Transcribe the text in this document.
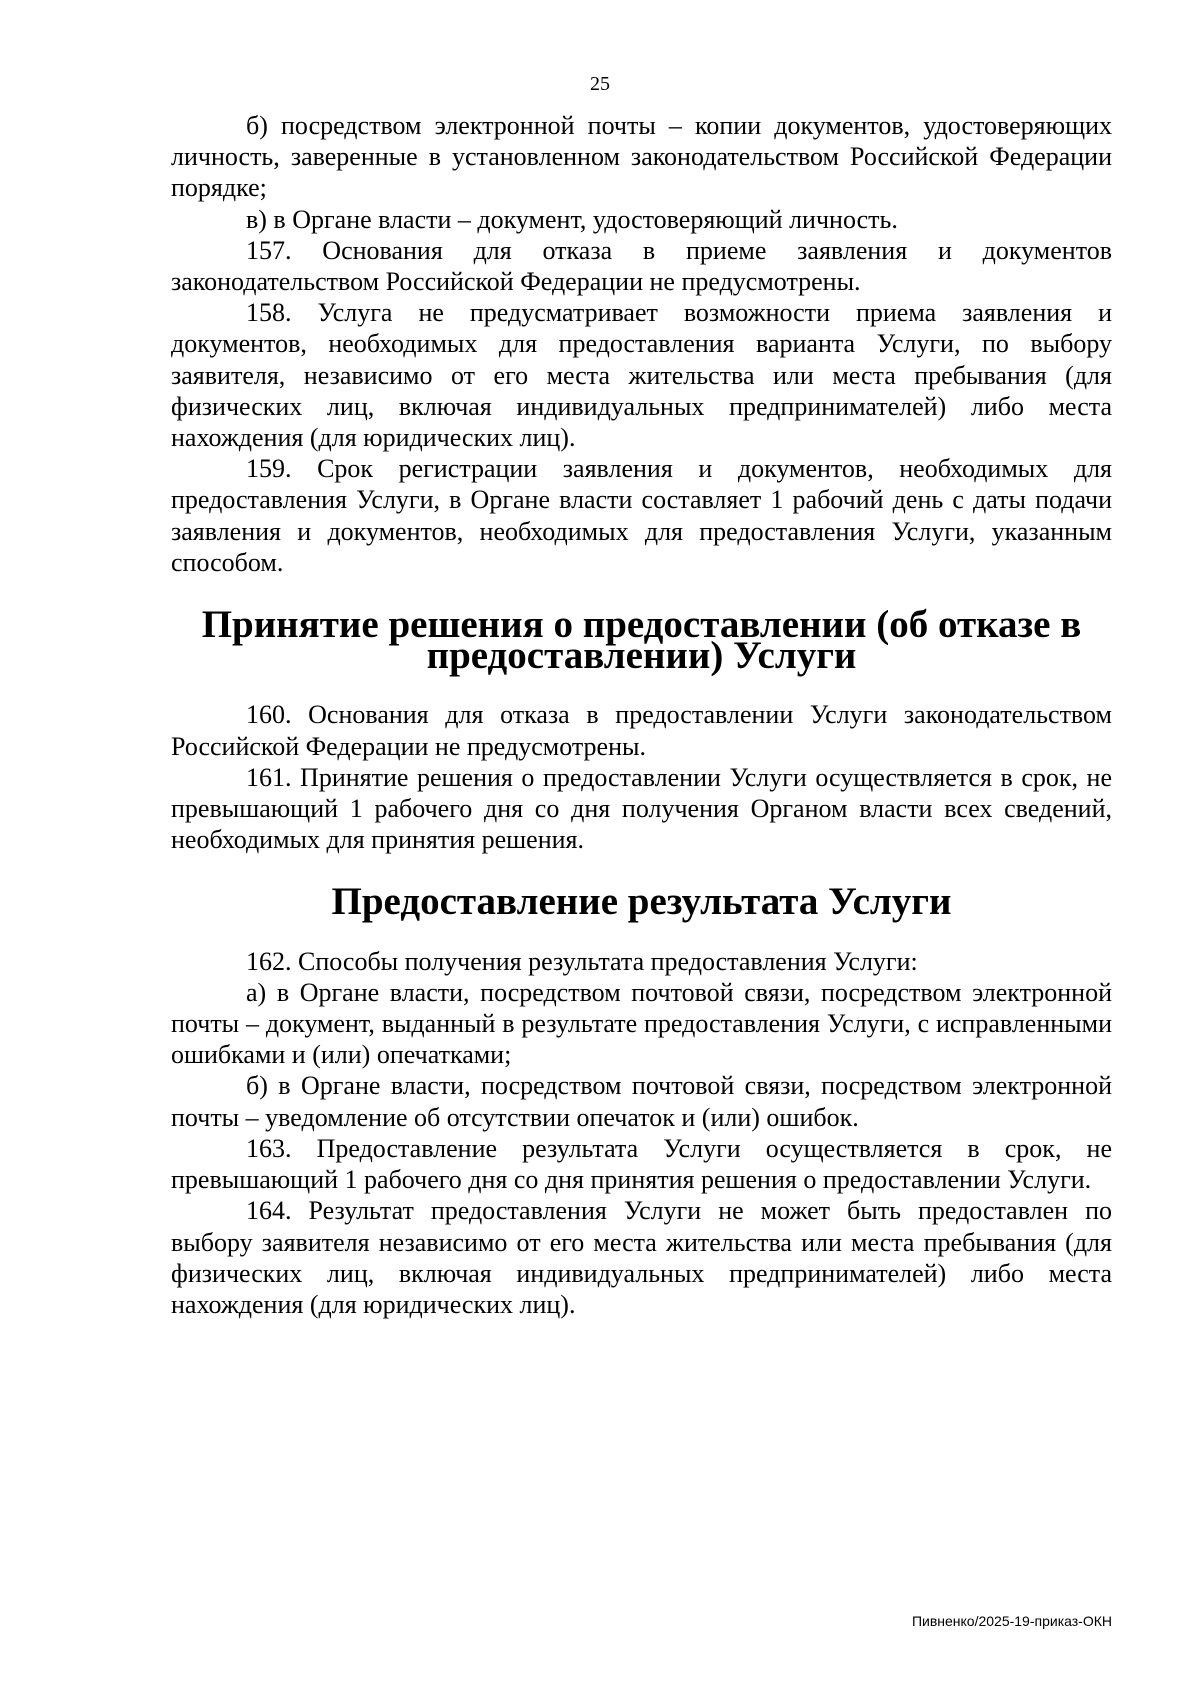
25

б) посредством электронной почты – копии документов, удостоверяющих личность, заверенные в установленном законодательством Российской Федерации порядке;

в) в Органе власти – документ, удостоверяющий личность.

157. Основания для отказа в приеме заявления и документов законодательством Российской Федерации не предусмотрены.

158. Услуга не предусматривает возможности приема заявления и документов, необходимых для предоставления варианта Услуги, по выбору заявителя, независимо от его места жительства или места пребывания (для физических лиц, включая индивидуальных предпринимателей) либо места нахождения (для юридических лиц).

159. Срок регистрации заявления и документов, необходимых для предоставления Услуги, в Органе власти составляет 1 рабочий день с даты подачи заявления и документов, необходимых для предоставления Услуги, указанным способом.

Принятие решения о предоставлении (об отказе в предоставлении) Услуги

160. Основания для отказа в предоставлении Услуги законодательством Российской Федерации не предусмотрены.

161. Принятие решения о предоставлении Услуги осуществляется в срок, не превышающий 1 рабочего дня со дня получения Органом власти всех сведений, необходимых для принятия решения.

Предоставление результата Услуги

162. Способы получения результата предоставления Услуги:

а) в Органе власти, посредством почтовой связи, посредством электронной почты – документ, выданный в результате предоставления Услуги, с исправленными ошибками и (или) опечатками;

б) в Органе власти, посредством почтовой связи, посредством электронной почты – уведомление об отсутствии опечаток и (или) ошибок.

163. Предоставление результата Услуги осуществляется в срок, не превышающий 1 рабочего дня со дня принятия решения о предоставлении Услуги.

164. Результат предоставления Услуги не может быть предоставлен по выбору заявителя независимо от его места жительства или места пребывания (для физических лиц, включая индивидуальных предпринимателей) либо места нахождения (для юридических лиц).

Пивненко/2025-19-приказ-ОКН
